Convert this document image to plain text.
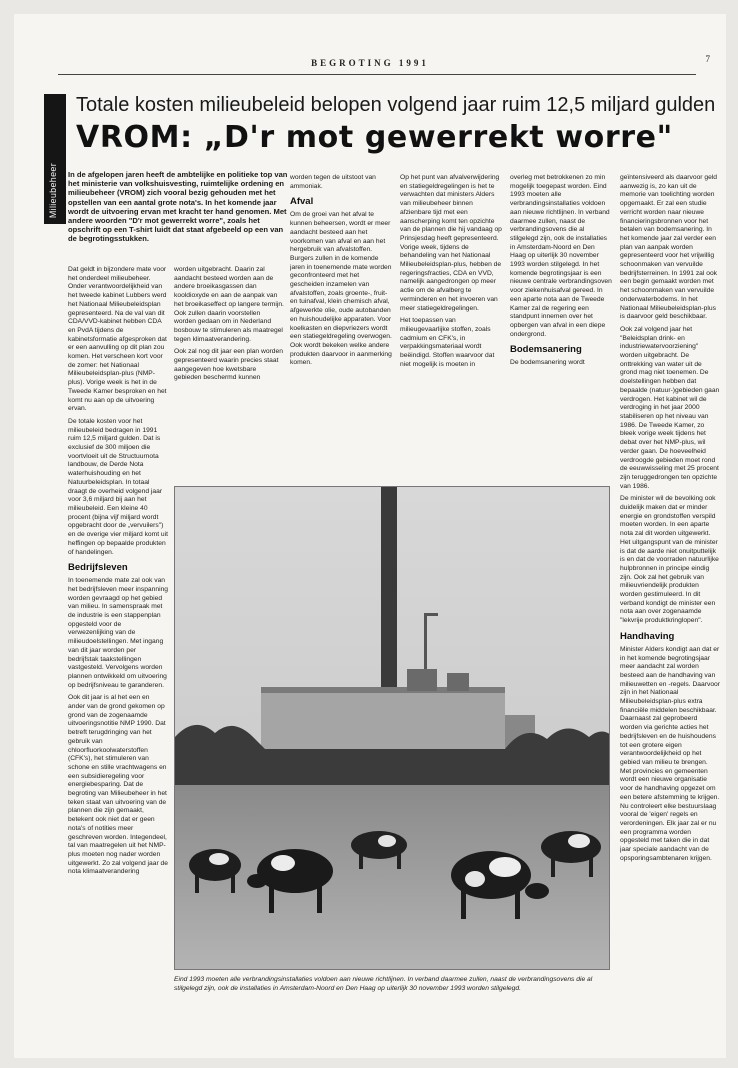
BEGROTING 1991	7
Milieubeheer
Totale kosten milieubeleid belopen volgend jaar ruim 12,5 miljard gulden
VROM: „D'r mot gewerrekt worre"
In de afgelopen jaren heeft de ambtelijke en politieke top van het ministerie van volkshuisvesting, ruimtelijke ordening en milieubeheer (VROM) zich vooral bezig gehouden met het opstellen van een aantal grote nota's. In het komende jaar wordt de uitvoering ervan met kracht ter hand genomen. Met andere woorden "D'r mot gewerrekt worre", zoals het opschrift op een T-shirt luidt dat staat afgebeeld op een van de begrotingsstukken.

Dat geldt in bijzondere mate voor het onderdeel milieubeheer. Onder verantwoordelijkheid van het tweede kabinet Lubbers werd het Nationaal Milieubeleidsplan gepresenteerd. Na de val van dit CDA/VVD-kabinet hebben CDA en PvdA tijdens de kabinetsformatie afgesproken dat er een aanvulling op dit plan zou komen. Het verscheen kort voor de zomer: het Nationaal Milieubeleidsplan-plus (NMP-plus). Vorige week is het in de Tweede Kamer besproken en het komt nu aan op de uitvoering ervan.

De totale kosten voor het milieubeleid bedragen in 1991 ruim 12,5 miljard gulden. Dat is exclusief de 300 miljoen die voortvloeit uit de Structuurnota landbouw, de Derde Nota waterhuishouding en het Natuurbeleidsplan. In totaal draagt de overheid volgend jaar voor 3,6 miljard bij aan het milieubeleid. Een kleine 40 procent (bijna vijf miljard wordt opgebracht door de „vervuilers") en de overige vier miljard komt uit heffingen op bepaalde produkten of handelingen.

Bedrijfsleven

In toenemende mate zal ook van het bedrijfsleven meer inspanning worden gevraagd op het gebied van milieu. In samenspraak met de industrie is een stappenplan opgesteld voor de verwezenlijking van de milieudoelstellingen. Met ingang van dit jaar worden per bedrijfstak taakstellingen vastgesteld. Vervolgens worden plannen ontwikkeld om uitvoering op bedrijfsniveau te garanderen.

Ook dit jaar is al het een en ander van de grond gekomen op grond van de zogenaamde uitvoeringsnotitie NMP 1990. Dat betreft terugdringing van het gebruik van chloorfluorkoolwaterstoffen (CFK's), het stimuleren van schone en stille vrachtwagens en een subsidieregeling voor energiebesparing. Dat de begroting van Milieubeheer in het teken staat van uitvoering van de plannen die zijn gemaakt, betekent ook niet dat er geen nota's of notities meer geschreven worden. Integendeel, tal van maatregelen uit het NMP-plus moeten nog nader worden uitgewerkt. Zo zal volgend jaar de nota klimaatverandering

worden uitgebracht. Daarin zal aandacht besteed worden aan de andere broeikasgassen dan kooldioxyde en aan de aanpak van het broeikaseffect op langere termijn. Ook zullen daarin voorstellen worden gedaan om in Nederland bosbouw te stimuleren als maatregel tegen klimaatverandering.

Ook zal nog dit jaar een plan worden gepresenteerd waarin precies staat aangegeven hoe kwetsbare gebieden beschermd kunnen

worden tegen de uitstoot van ammoniak.

Afval

Om de groei van het afval te kunnen beheersen, wordt er meer aandacht besteed aan het voorkomen van afval en aan het hergebruik van afvalstoffen. Burgers zullen in de komende jaren in toenemende mate worden geconfronteerd met het gescheiden inzamelen van afvalstoffen, zoals groente-, fruit- en tuinafval, klein chemisch afval, afgewerkte olie, oude autobanden en huishoudelijke apparaten. Voor koelkasten en diepvriezers wordt een statiegeldregeling overwogen. Ook wordt bekeken welke andere produkten daarvoor in aanmerking komen.

Op het punt van afvalverwijdering en statiegeldregelingen is het te verwachten dat ministers Alders van milieubeheer binnen afzienbare tijd met een aanscherping komt ten opzichte van de plannen die hij vandaag op Prinsjesdag heeft gepresenteerd. Vorige week, tijdens de behandeling van het Nationaal Milieubeleidsplan-plus, hebben de regeringsfracties, CDA en VVD, namelijk aangedrongen op meer actie om de afvalberg te verminderen en het invoeren van meer statiegeldregelingen.

Het toepassen van milieugevaarlijke stoffen, zoals cadmium en CFK's, in verpakkingsmateriaal wordt beëindigd. Stoffen waarvoor dat niet mogelijk is moeten in

overleg met betrokkenen zo min mogelijk toegepast worden. Eind 1993 moeten alle verbrandingsinstallaties voldoen aan nieuwe richtlijnen. In verband daarmee zullen, naast de verbrandingsovens die al stilgelegd zijn, ook de installaties in Amsterdam-Noord en Den Haag op uiterlijk 30 november 1993 worden stilgelegd. In het komende begrotingsjaar is een nieuwe centrale verbrandingsoven voor ziekenhuisafval gereed. In een aparte nota aan de Tweede Kamer zal de regering een standpunt innemen over het opbergen van afval in een diepe ondergrond.

Bodemsanering

De bodemsanering wordt

geïntensiveerd als daarvoor geld aanwezig is, zo kan uit de memorie van toelichting worden opgemaakt. Er zal een studie verricht worden naar nieuwe financieringsbronnen voor het betalen van bodemsanering. In het komende jaar zal verder een plan van aanpak worden gepresenteerd voor het vrijwillig schoonmaken van vervuilde bedrijfsterreinen. In 1991 zal ook een begin gemaakt worden met het schoonmaken van vervuilde onderwaterbodems. In het Nationaal Milieubeleidsplan-plus is daarvoor geld beschikbaar.

Ook zal volgend jaar het "Beleidsplan drink- en industriewatervoorziening" worden uitgebracht. De onttrekking van water uit de grond mag niet toenemen. De doelstellingen hebben dat bepaalde (natuur-)gebieden gaan verdrogen. Het kabinet wil de verdroging in het jaar 2000 stabiliseren op het niveau van 1986. De Tweede Kamer, zo bleek vorige week tijdens het debat over het NMP-plus, wil verder gaan. De hoeveelheid verdroogde gebieden moet rond de eeuwwisseling met 25 procent zijn teruggedrongen ten opzichte van 1986.

De minister wil de bevolking ook duidelijk maken dat er minder energie en grondstoffen verspild moeten worden. In een aparte nota zal dit worden uitgewerkt. Het uitgangspunt van de minister is dat de aarde niet onuitputtelijk is en dat de voorraden natuurlijke hulpbronnen in principe eindig zijn. Ook zal het gebruik van milieuvriendelijk produkten worden gestimuleerd. In dit verband kondigt de minister een nota aan over zogenaamde "lekvrije produktkringlopen".

Handhaving

Minister Alders kondigt aan dat er in het komende begrotingsjaar meer aandacht zal worden besteed aan de handhaving van milieuwetten en -regels. Daarvoor zijn in het Nationaal Milieubeleidsplan-plus extra financiële middelen beschikbaar. Daarnaast zal geprobeerd worden via gerichte acties het bedrijfsleven en de huishoudens tot een grotere eigen verantwoordelijkheid op het gebied van milieu te brengen. Met provincies en gemeenten wordt een nieuwe organisatie voor de handhaving opgezet om een betere afstemming te krijgen. Nu controleert elke bestuurslaag vooral de 'eigen' regels en verordeningen. Elk jaar zal er nu een programma worden opgesteld met taken die in dat jaar speciale aandacht van de opsporingsambtenaren krijgen.

Eind 1993 moeten alle verbrandingsinstallaties voldoen aan nieuwe richtlijnen. In verband daarmee zullen, naast de verbrandingsovens die al stilgelegd zijn, ook de installaties in Amsterdam-Noord en Den Haag op uiterlijk 30 november 1993 worden stilgelegd.
